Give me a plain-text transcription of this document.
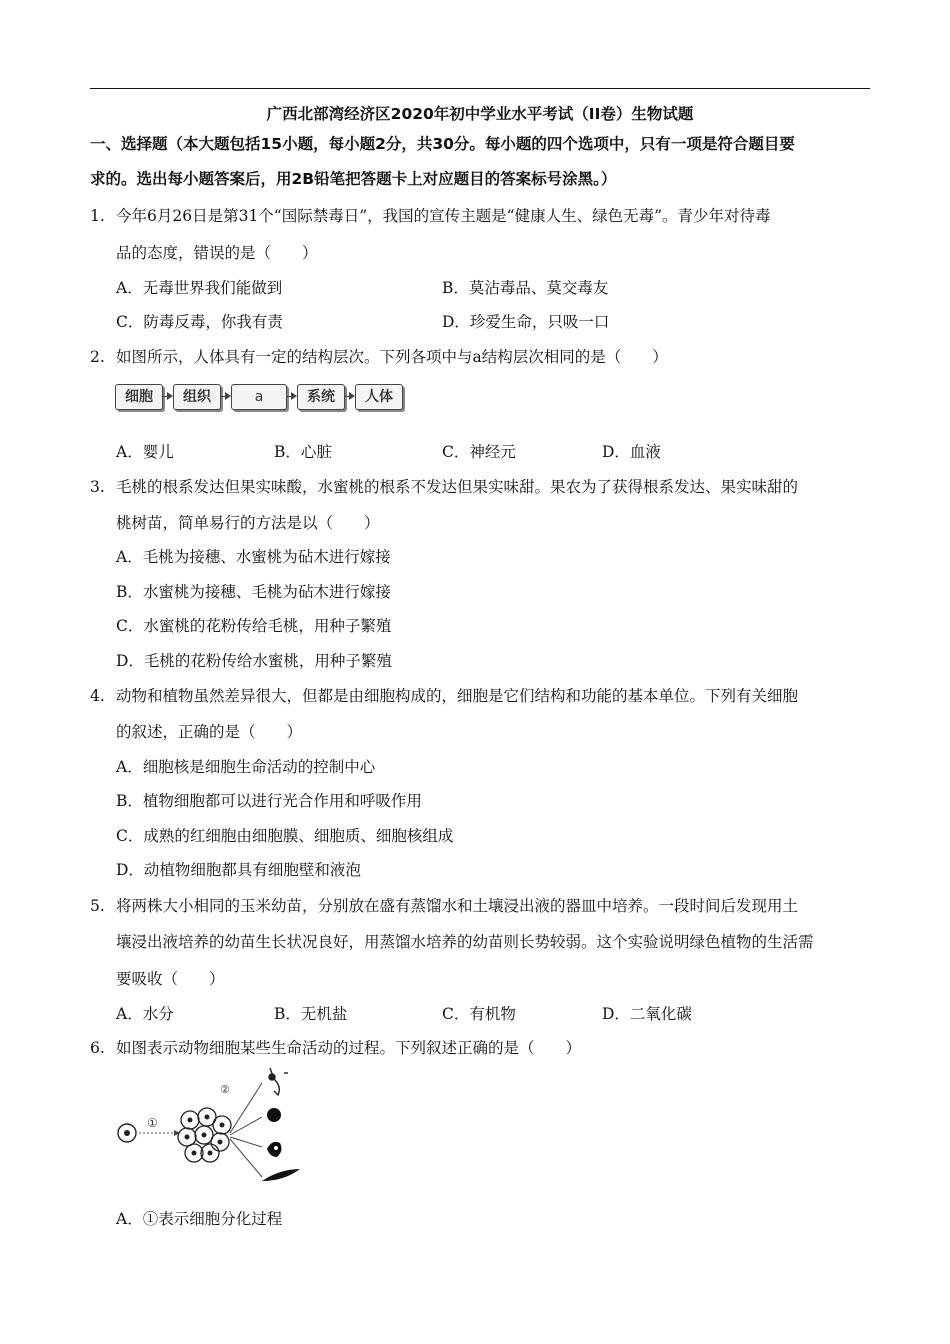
广西北部湾经济区2020年初中学业水平考试（II卷）生物试题
一、选择题（本大题包括15小题，每小题2分，共30分。每小题的四个选项中，只有一项是符合题目要
求的。选出每小题答案后，用2B铅笔把答题卡上对应题目的答案标号涂黑。）
1. 今年6月26日是第31个“国际禁毒日”，我国的宣传主题是“健康人生、绿色无毒”。青少年对待毒
品的态度，错误的是（　　）
A．无毒世界我们能做到	B．莫沾毒品、莫交毒友
C．防毒反毒，你我有责	D．珍爱生命，只吸一口
2. 如图所示，人体具有一定的结构层次。下列各项中与a结构层次相同的是（　　）
细胞	组织	a	系统	人体
A．婴儿	B．心脏	C．神经元	D．血液
3. 毛桃的根系发达但果实味酸，水蜜桃的根系不发达但果实味甜。果农为了获得根系发达、果实味甜的
桃树苗，简单易行的方法是以（　　）
A．毛桃为接穗、水蜜桃为砧木进行嫁接
B．水蜜桃为接穗、毛桃为砧木进行嫁接
C．水蜜桃的花粉传给毛桃，用种子繁殖
D．毛桃的花粉传给水蜜桃，用种子繁殖
4. 动物和植物虽然差异很大，但都是由细胞构成的，细胞是它们结构和功能的基本单位。下列有关细胞
的叙述，正确的是（　　）
A．细胞核是细胞生命活动的控制中心
B．植物细胞都可以进行光合作用和呼吸作用
C．成熟的红细胞由细胞膜、细胞质、细胞核组成
D．动植物细胞都具有细胞壁和液泡
5. 将两株大小相同的玉米幼苗，分别放在盛有蒸馏水和土壤浸出液的器皿中培养。一段时间后发现用土
壤浸出液培养的幼苗生长状况良好，用蒸馏水培养的幼苗则长势较弱。这个实验说明绿色植物的生活需
要吸收（　　）
A．水分	B．无机盐	C．有机物	D．二氧化碳
6. 如图表示动物细胞某些生命活动的过程。下列叙述正确的是（　　）
①
②
A．①表示细胞分化过程
